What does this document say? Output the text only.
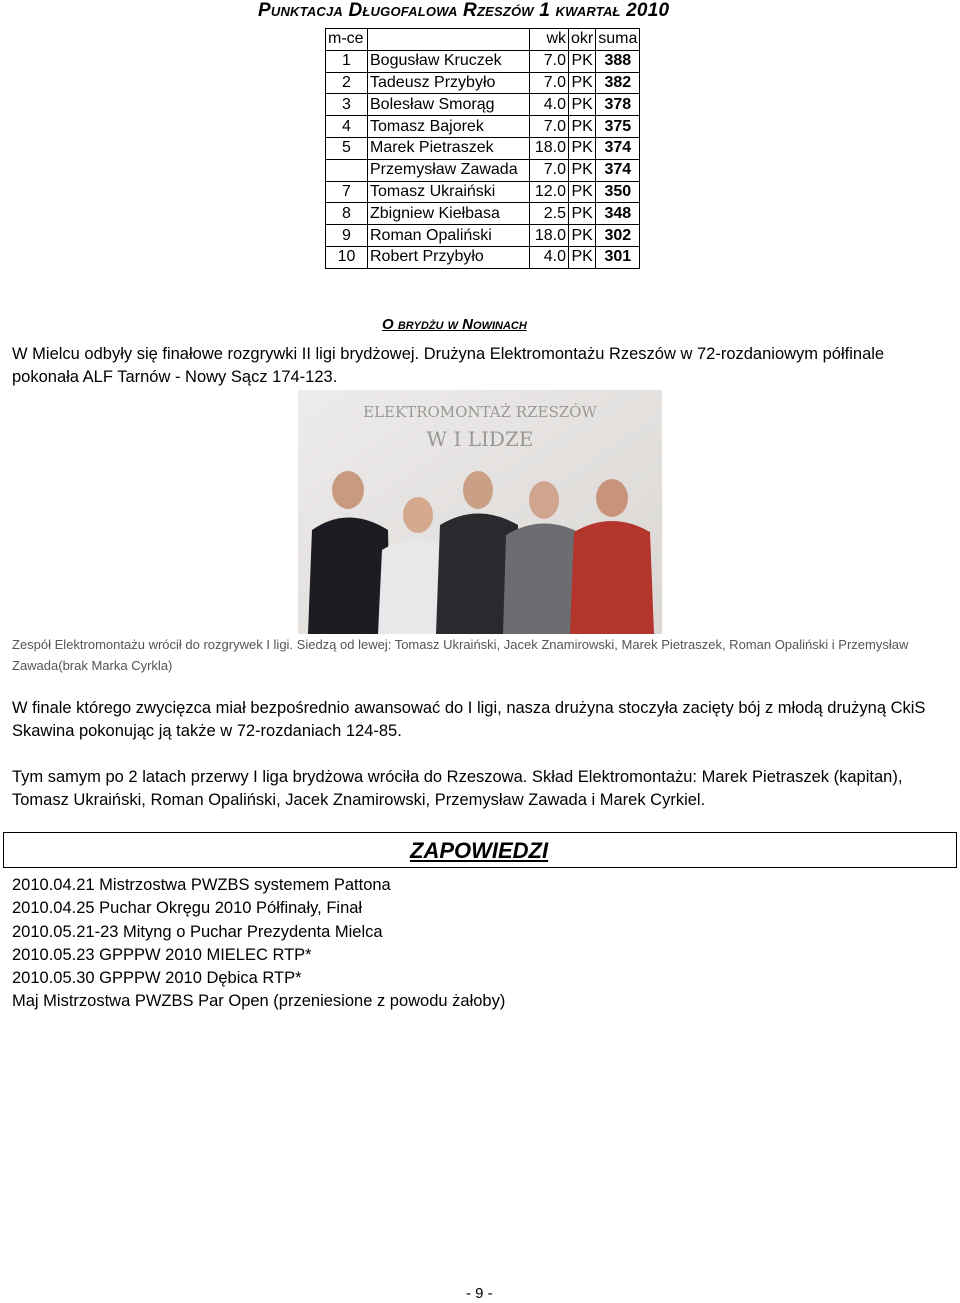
Punktacja Długofalowa Rzeszów 1 kwartał 2010
m-ce		wk	okr	suma
1	Bogusław Kruczek	7.0	PK	388
2	Tadeusz Przybyło	7.0	PK	382
3	Bolesław Smorąg	4.0	PK	378
4	Tomasz Bajorek	7.0	PK	375
5	Marek Pietraszek	18.0	PK	374
	Przemysław Zawada	7.0	PK	374
7	Tomasz Ukraiński	12.0	PK	350
8	Zbigniew Kiełbasa	2.5	PK	348
9	Roman Opaliński	18.0	PK	302
10	Robert Przybyło	4.0	PK	301
O brydżu w Nowinach
W Mielcu odbyły się finałowe rozgrywki II ligi brydżowej. Drużyna Elektromontażu Rzeszów w 72-rozdaniowym półfinale pokonała ALF Tarnów - Nowy Sącz 174-123.
ELEKTROMONTAŻ RZESZÓW
W I LIDZE
Zespół Elektromontażu wrócił do rozgrywek I ligi. Siedzą od lewej: Tomasz Ukraiński, Jacek Znamirowski, Marek Pietraszek, Roman Opaliński i Przemysław Zawada(brak Marka Cyrkla)
W finale którego zwycięzca miał bezpośrednio awansować do I ligi, nasza drużyna stoczyła zacięty bój z młodą drużyną CkiS Skawina pokonując ją także w 72-rozdaniach 124-85.
Tym samym po 2 latach przerwy I liga brydżowa wróciła do Rzeszowa. Skład Elektromontażu: Marek Pietraszek (kapitan), Tomasz Ukraiński, Roman Opaliński, Jacek Znamirowski, Przemysław Zawada i Marek Cyrkiel.
ZAPOWIEDZI
2010.04.21 Mistrzostwa PWZBS systemem Pattona
2010.04.25 Puchar Okręgu 2010 Półfinały, Finał
2010.05.21-23 Mityng o Puchar Prezydenta Mielca
2010.05.23 GPPPW 2010 MIELEC RTP*
2010.05.30 GPPPW 2010 Dębica RTP*
Maj Mistrzostwa PWZBS Par Open (przeniesione z powodu żałoby)
- 9 -
